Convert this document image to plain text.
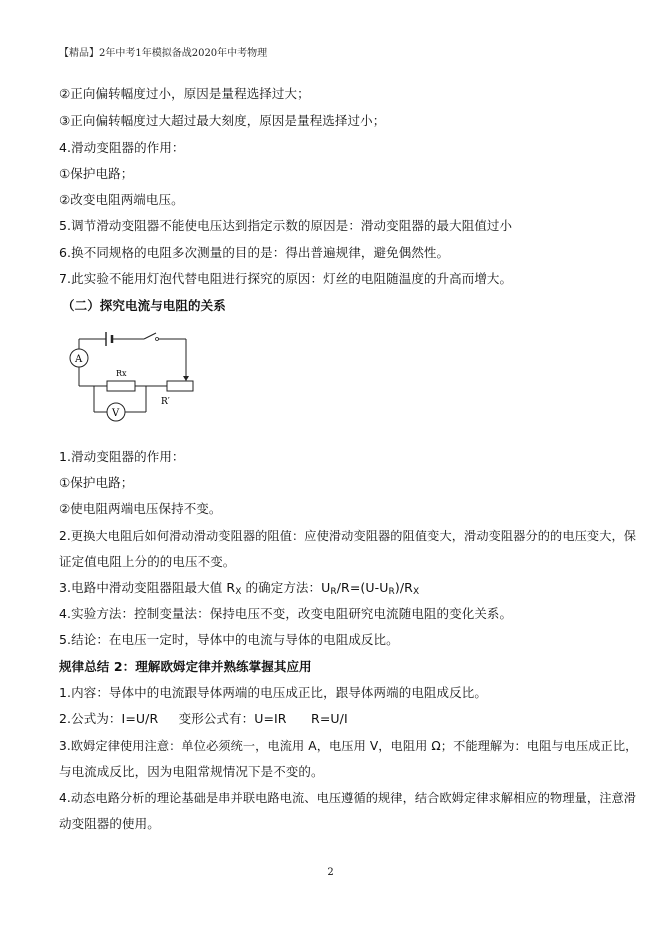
【精品】2年中考1年模拟备战2020年中考物理
②正向偏转幅度过小，原因是量程选择过大；
③正向偏转幅度过大超过最大刻度，原因是量程选择过小；
4.滑动变阻器的作用：
①保护电路；
②改变电阻两端电压。
5.调节滑动变阻器不能使电压达到指定示数的原因是：滑动变阻器的最大阻值过小
6.换不同规格的电阻多次测量的目的是：得出普遍规律，避免偶然性。
7.此实验不能用灯泡代替电阻进行探究的原因：灯丝的电阻随温度的升高而增大。
（二）探究电流与电阻的关系
A
Rx
R′
V
1.滑动变阻器的作用：
①保护电路；
②使电阻两端电压保持不变。
2.更换大电阻后如何滑动滑动变阻器的阻值：应使滑动变阻器的阻值变大，滑动变阻器分的的电压变大，保
证定值电阻上分的的电压不变。
3.电路中滑动变阻器阻最大值 $R_X$ 的确定方法：$U_R/R=(U-U_R)/R_X$
4.实验方法：控制变量法：保持电压不变，改变电阻研究电流随电阻的变化关系。
5.结论：在电压一定时，导体中的电流与导体的电阻成反比。
规律总结 2：理解欧姆定律并熟练掌握其应用
1.内容：导体中的电流跟导体两端的电压成正比，跟导体两端的电阻成反比。
2.公式为：I=U/R     变形公式有：U=IR      R=U/I
3.欧姆定律使用注意：单位必须统一，电流用 A，电压用 V，电阻用 Ω；不能理解为：电阻与电压成正比，
与电流成反比，因为电阻常规情况下是不变的。
4.动态电路分析的理论基础是串并联电路电流、电压遵循的规律，结合欧姆定律求解相应的物理量，注意滑
动变阻器的使用。
2
